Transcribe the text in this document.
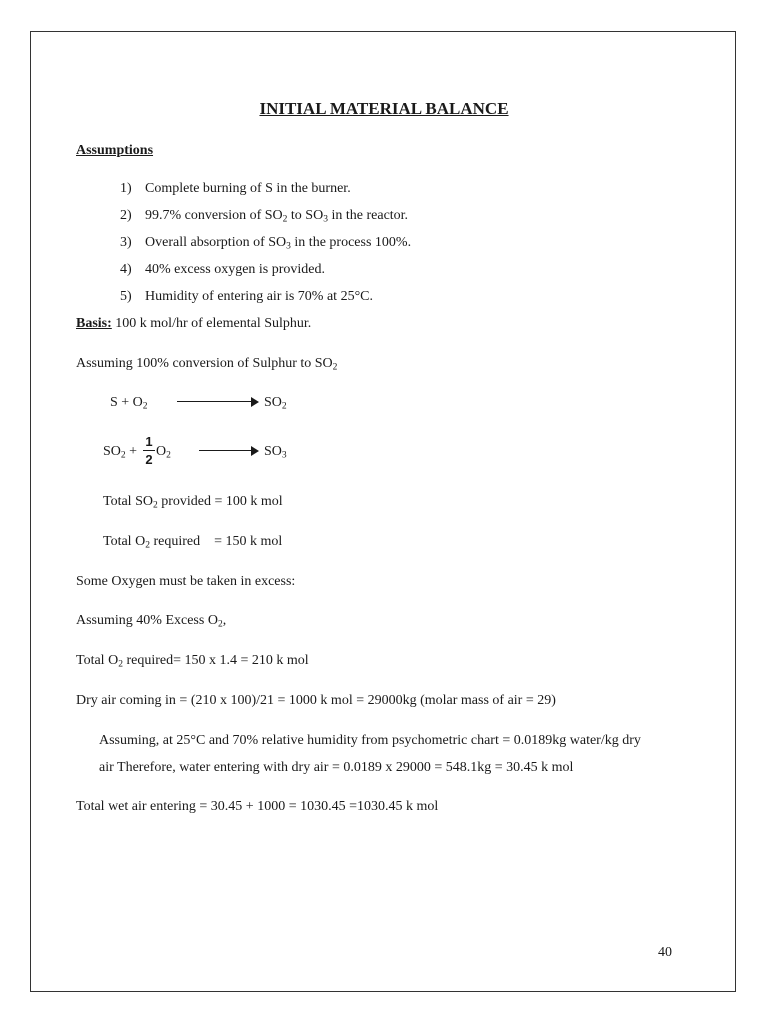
INITIAL MATERIAL BALANCE
Assumptions
1) Complete burning of S in the burner.
2) 99.7% conversion of $SO_2$ to $SO_3$ in the reactor.
3) Overall absorption of $SO_3$ in the process 100%.
4) 40% excess oxygen is provided.
5) Humidity of entering air is 70% at 25°C.
Basis: 100 k mol/hr of elemental Sulphur.
Assuming 100% conversion of Sulphur to $SO_2$
$S + O_2$	$SO_2$
$SO_2$ +
1
2
$O_2$	$SO_3$
Total $SO_2$ provided = 100 k mol
Total $O_2$ required    = 150 k mol
Some Oxygen must be taken in excess:
Assuming 40% Excess $O_2$,
Total $O_2$ required= 150 x 1.4 = 210 k mol
Dry air coming in = (210 x 100)/21 = 1000 k mol = 29000kg (molar mass of air = 29)
Assuming, at 25°C and 70% relative humidity from psychometric chart = 0.0189kg water/kg dry
air Therefore, water entering with dry air = 0.0189 x 29000 = 548.1kg = 30.45 k mol
Total wet air entering = 30.45 + 1000 = 1030.45 =1030.45 k mol
40
